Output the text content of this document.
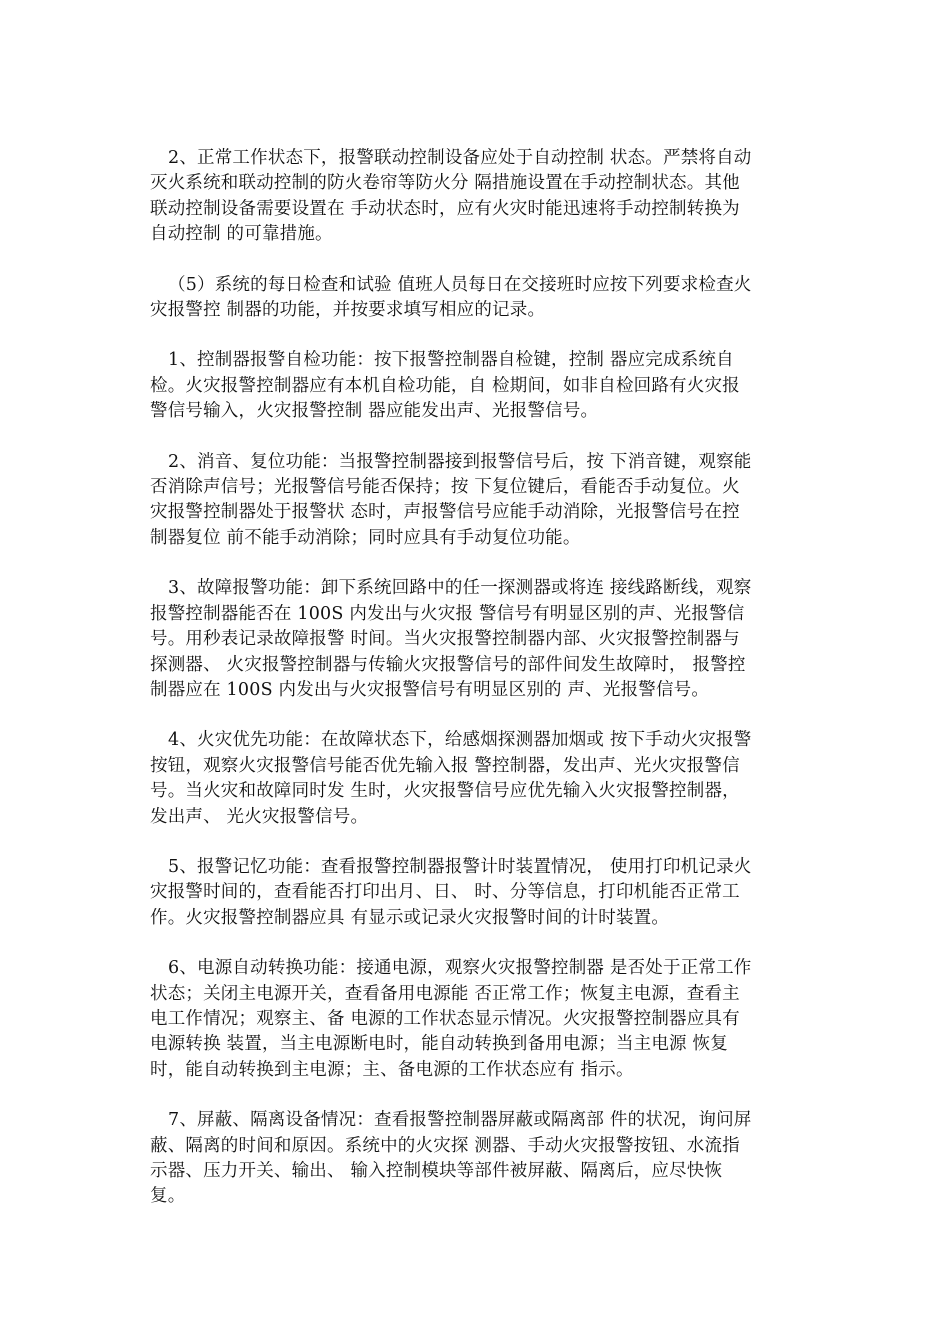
2、正常工作状态下，报警联动控制设备应处于自动控制 状态。严禁将自动
灭火系统和联动控制的防火卷帘等防火分 隔措施设置在手动控制状态。其他
联动控制设备需要设置在 手动状态时，应有火灾时能迅速将手动控制转换为
自动控制 的可靠措施。
（5）系统的每日检查和试验 值班人员每日在交接班时应按下列要求检查火
灾报警控 制器的功能，并按要求填写相应的记录。
1、控制器报警自检功能：按下报警控制器自检键，控制 器应完成系统自
检。火灾报警控制器应有本机自检功能，自 检期间，如非自检回路有火灾报
警信号输入，火灾报警控制 器应能发出声、光报警信号。
2、消音、复位功能：当报警控制器接到报警信号后，按 下消音键，观察能
否消除声信号；光报警信号能否保持；按 下复位键后，看能否手动复位。火
灾报警控制器处于报警状 态时，声报警信号应能手动消除，光报警信号在控
制器复位 前不能手动消除；同时应具有手动复位功能。
3、故障报警功能：卸下系统回路中的任一探测器或将连 接线路断线，观察
报警控制器能否在 100S 内发出与火灾报 警信号有明显区别的声、光报警信
号。用秒表记录故障报警 时间。当火灾报警控制器内部、火灾报警控制器与
探测器、 火灾报警控制器与传输火灾报警信号的部件间发生故障时， 报警控
制器应在 100S 内发出与火灾报警信号有明显区别的 声、光报警信号。
4、火灾优先功能：在故障状态下，给感烟探测器加烟或 按下手动火灾报警
按钮，观察火灾报警信号能否优先输入报 警控制器，发出声、光火灾报警信
号。当火灾和故障同时发 生时，火灾报警信号应优先输入火灾报警控制器，
发出声、 光火灾报警信号。
5、报警记忆功能：查看报警控制器报警计时装置情况， 使用打印机记录火
灾报警时间的，查看能否打印出月、日、 时、分等信息，打印机能否正常工
作。火灾报警控制器应具 有显示或记录火灾报警时间的计时装置。
6、电源自动转换功能：接通电源，观察火灾报警控制器 是否处于正常工作
状态；关闭主电源开关，查看备用电源能 否正常工作；恢复主电源，查看主
电工作情况；观察主、备 电源的工作状态显示情况。火灾报警控制器应具有
电源转换 装置，当主电源断电时，能自动转换到备用电源；当主电源 恢复
时，能自动转换到主电源；主、备电源的工作状态应有 指示。
7、屏蔽、隔离设备情况：查看报警控制器屏蔽或隔离部 件的状况，询问屏
蔽、隔离的时间和原因。系统中的火灾探 测器、手动火灾报警按钮、水流指
示器、压力开关、输出、 输入控制模块等部件被屏蔽、隔离后，应尽快恢
复。
